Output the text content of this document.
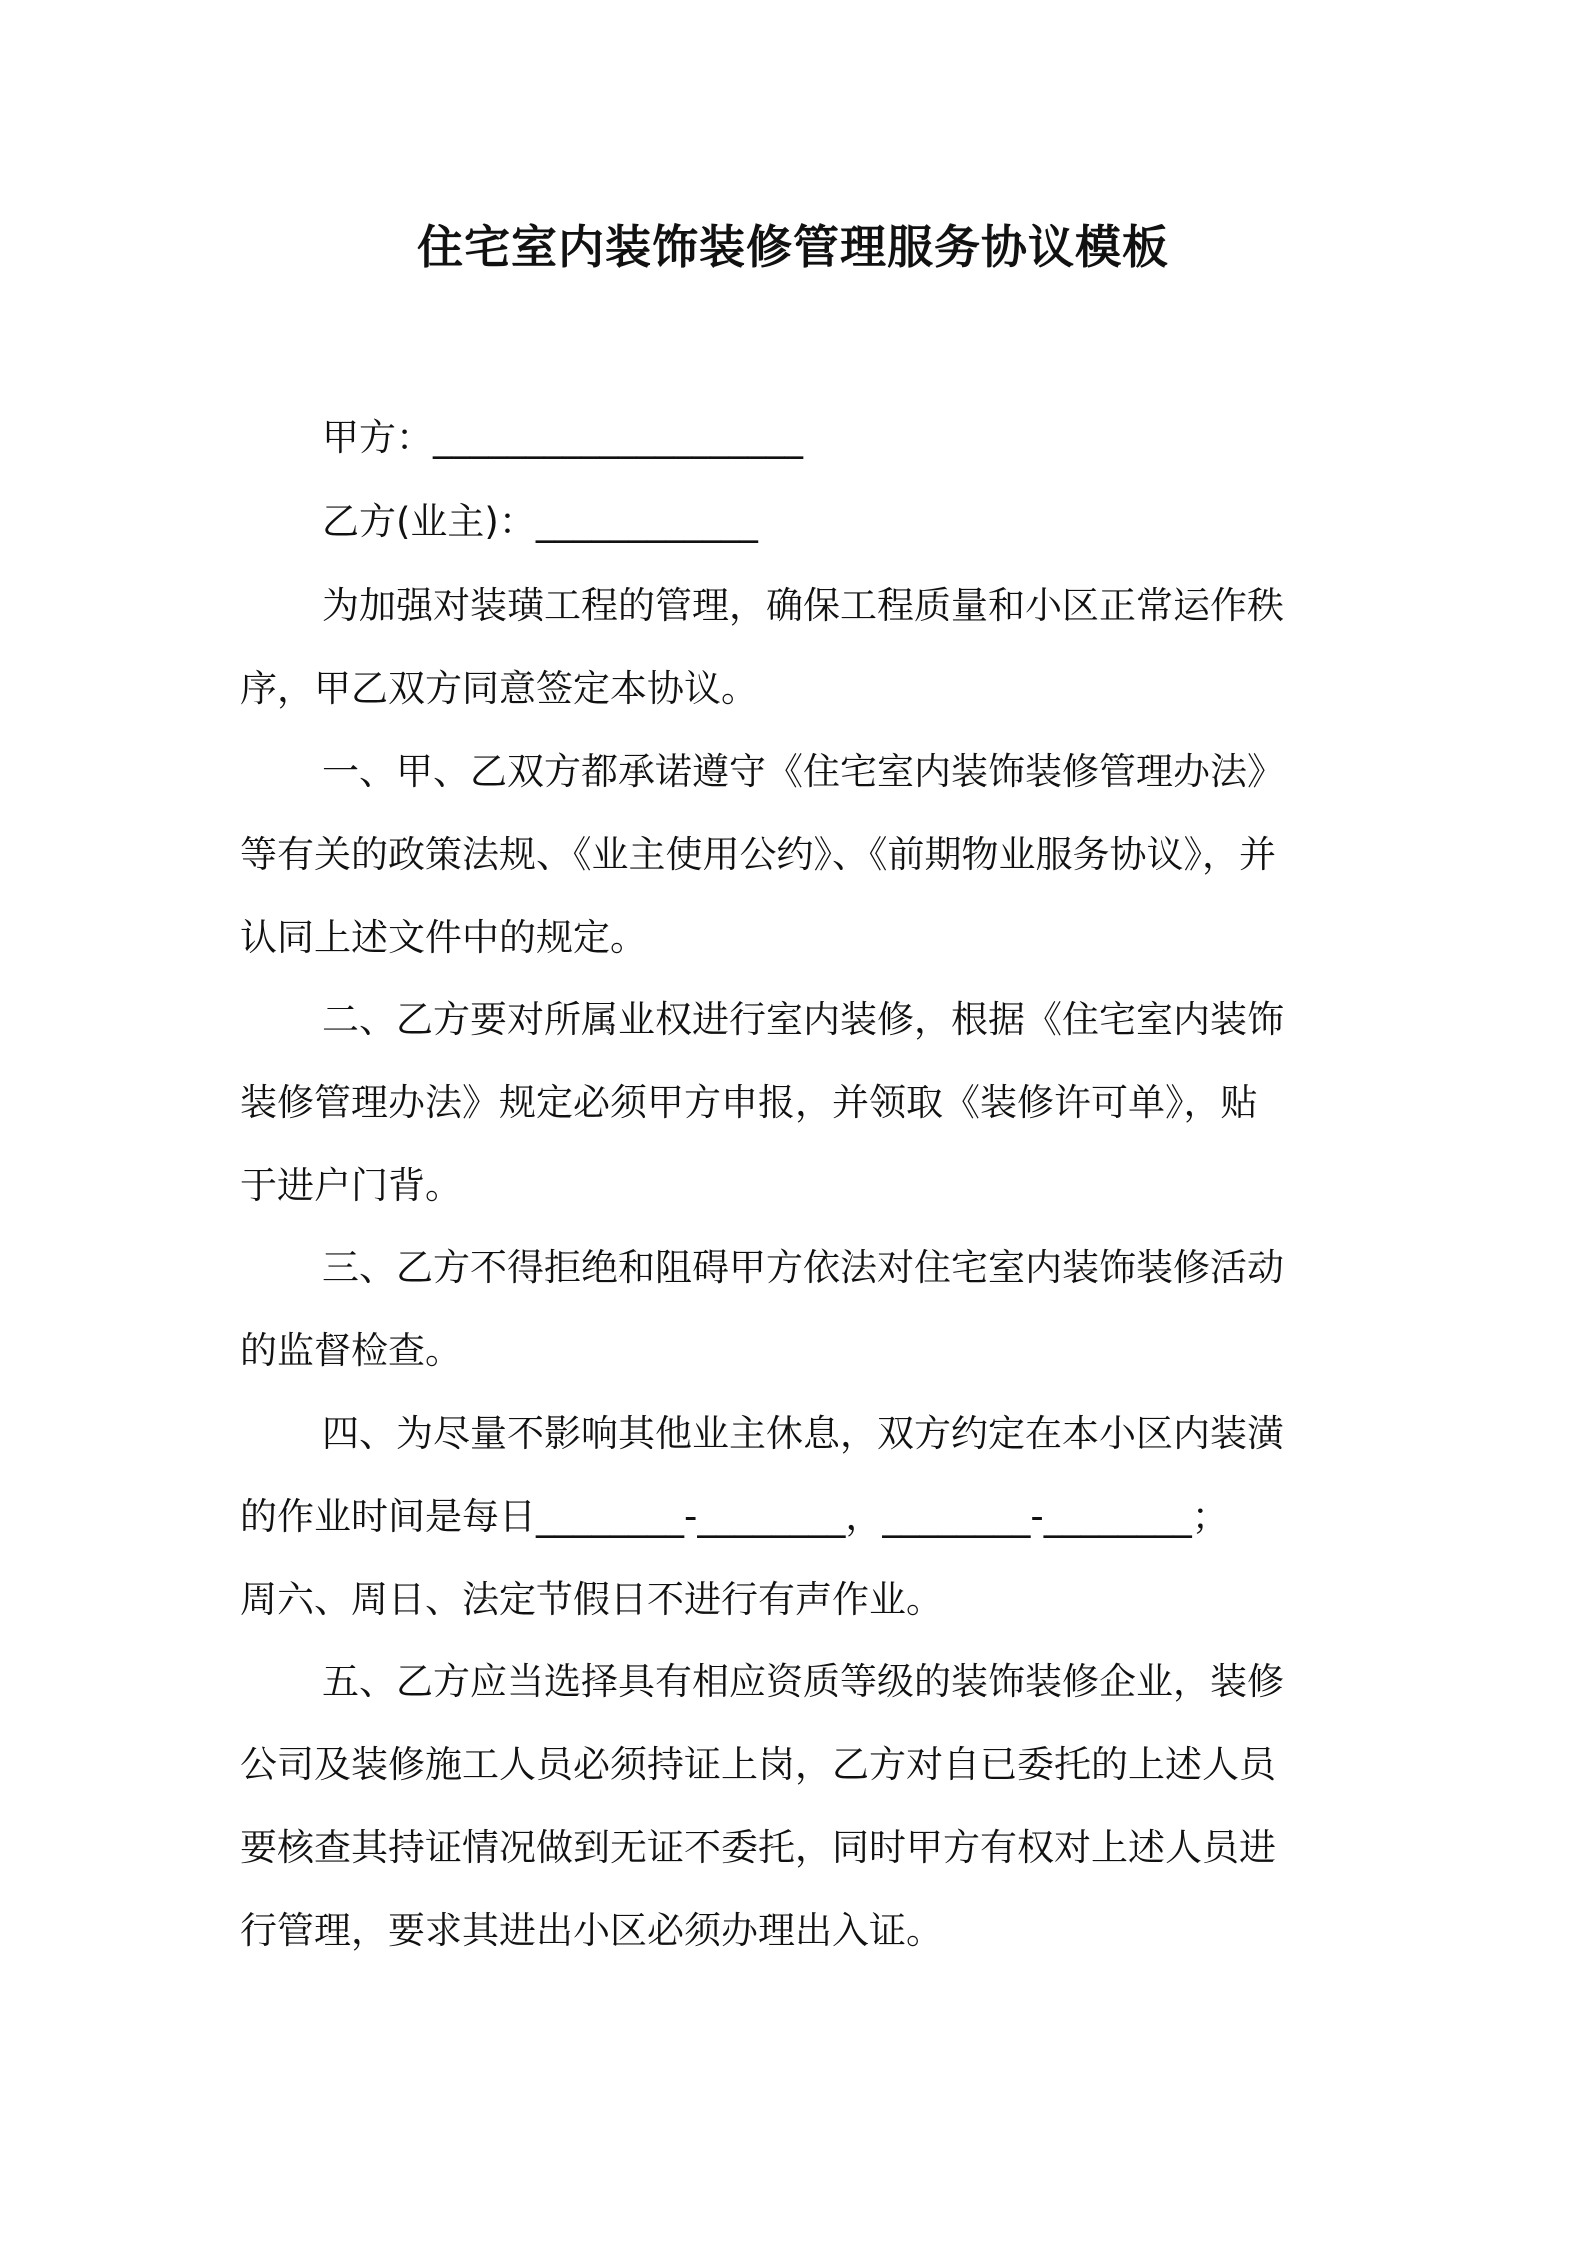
住宅室内装饰装修管理服务协议模板
甲方：____________________
乙方(业主)：____________
为加强对装璜工程的管理，确保工程质量和小区正常运作秩
序，甲乙双方同意签定本协议。
一、甲、乙双方都承诺遵守《住宅室内装饰装修管理办法》
等有关的政策法规、《业主使用公约》、《前期物业服务协议》，并
认同上述文件中的规定。
二、乙方要对所属业权进行室内装修，根据《住宅室内装饰
装修管理办法》规定必须甲方申报，并领取《装修许可单》，贴
于进户门背。
三、乙方不得拒绝和阻碍甲方依法对住宅室内装饰装修活动
的监督检查。
四、为尽量不影响其他业主休息，双方约定在本小区内装潢
的作业时间是每日________-________，________-________；
周六、周日、法定节假日不进行有声作业。
五、乙方应当选择具有相应资质等级的装饰装修企业，装修
公司及装修施工人员必须持证上岗，乙方对自已委托的上述人员
要核查其持证情况做到无证不委托，同时甲方有权对上述人员进
行管理，要求其进出小区必须办理出入证。
